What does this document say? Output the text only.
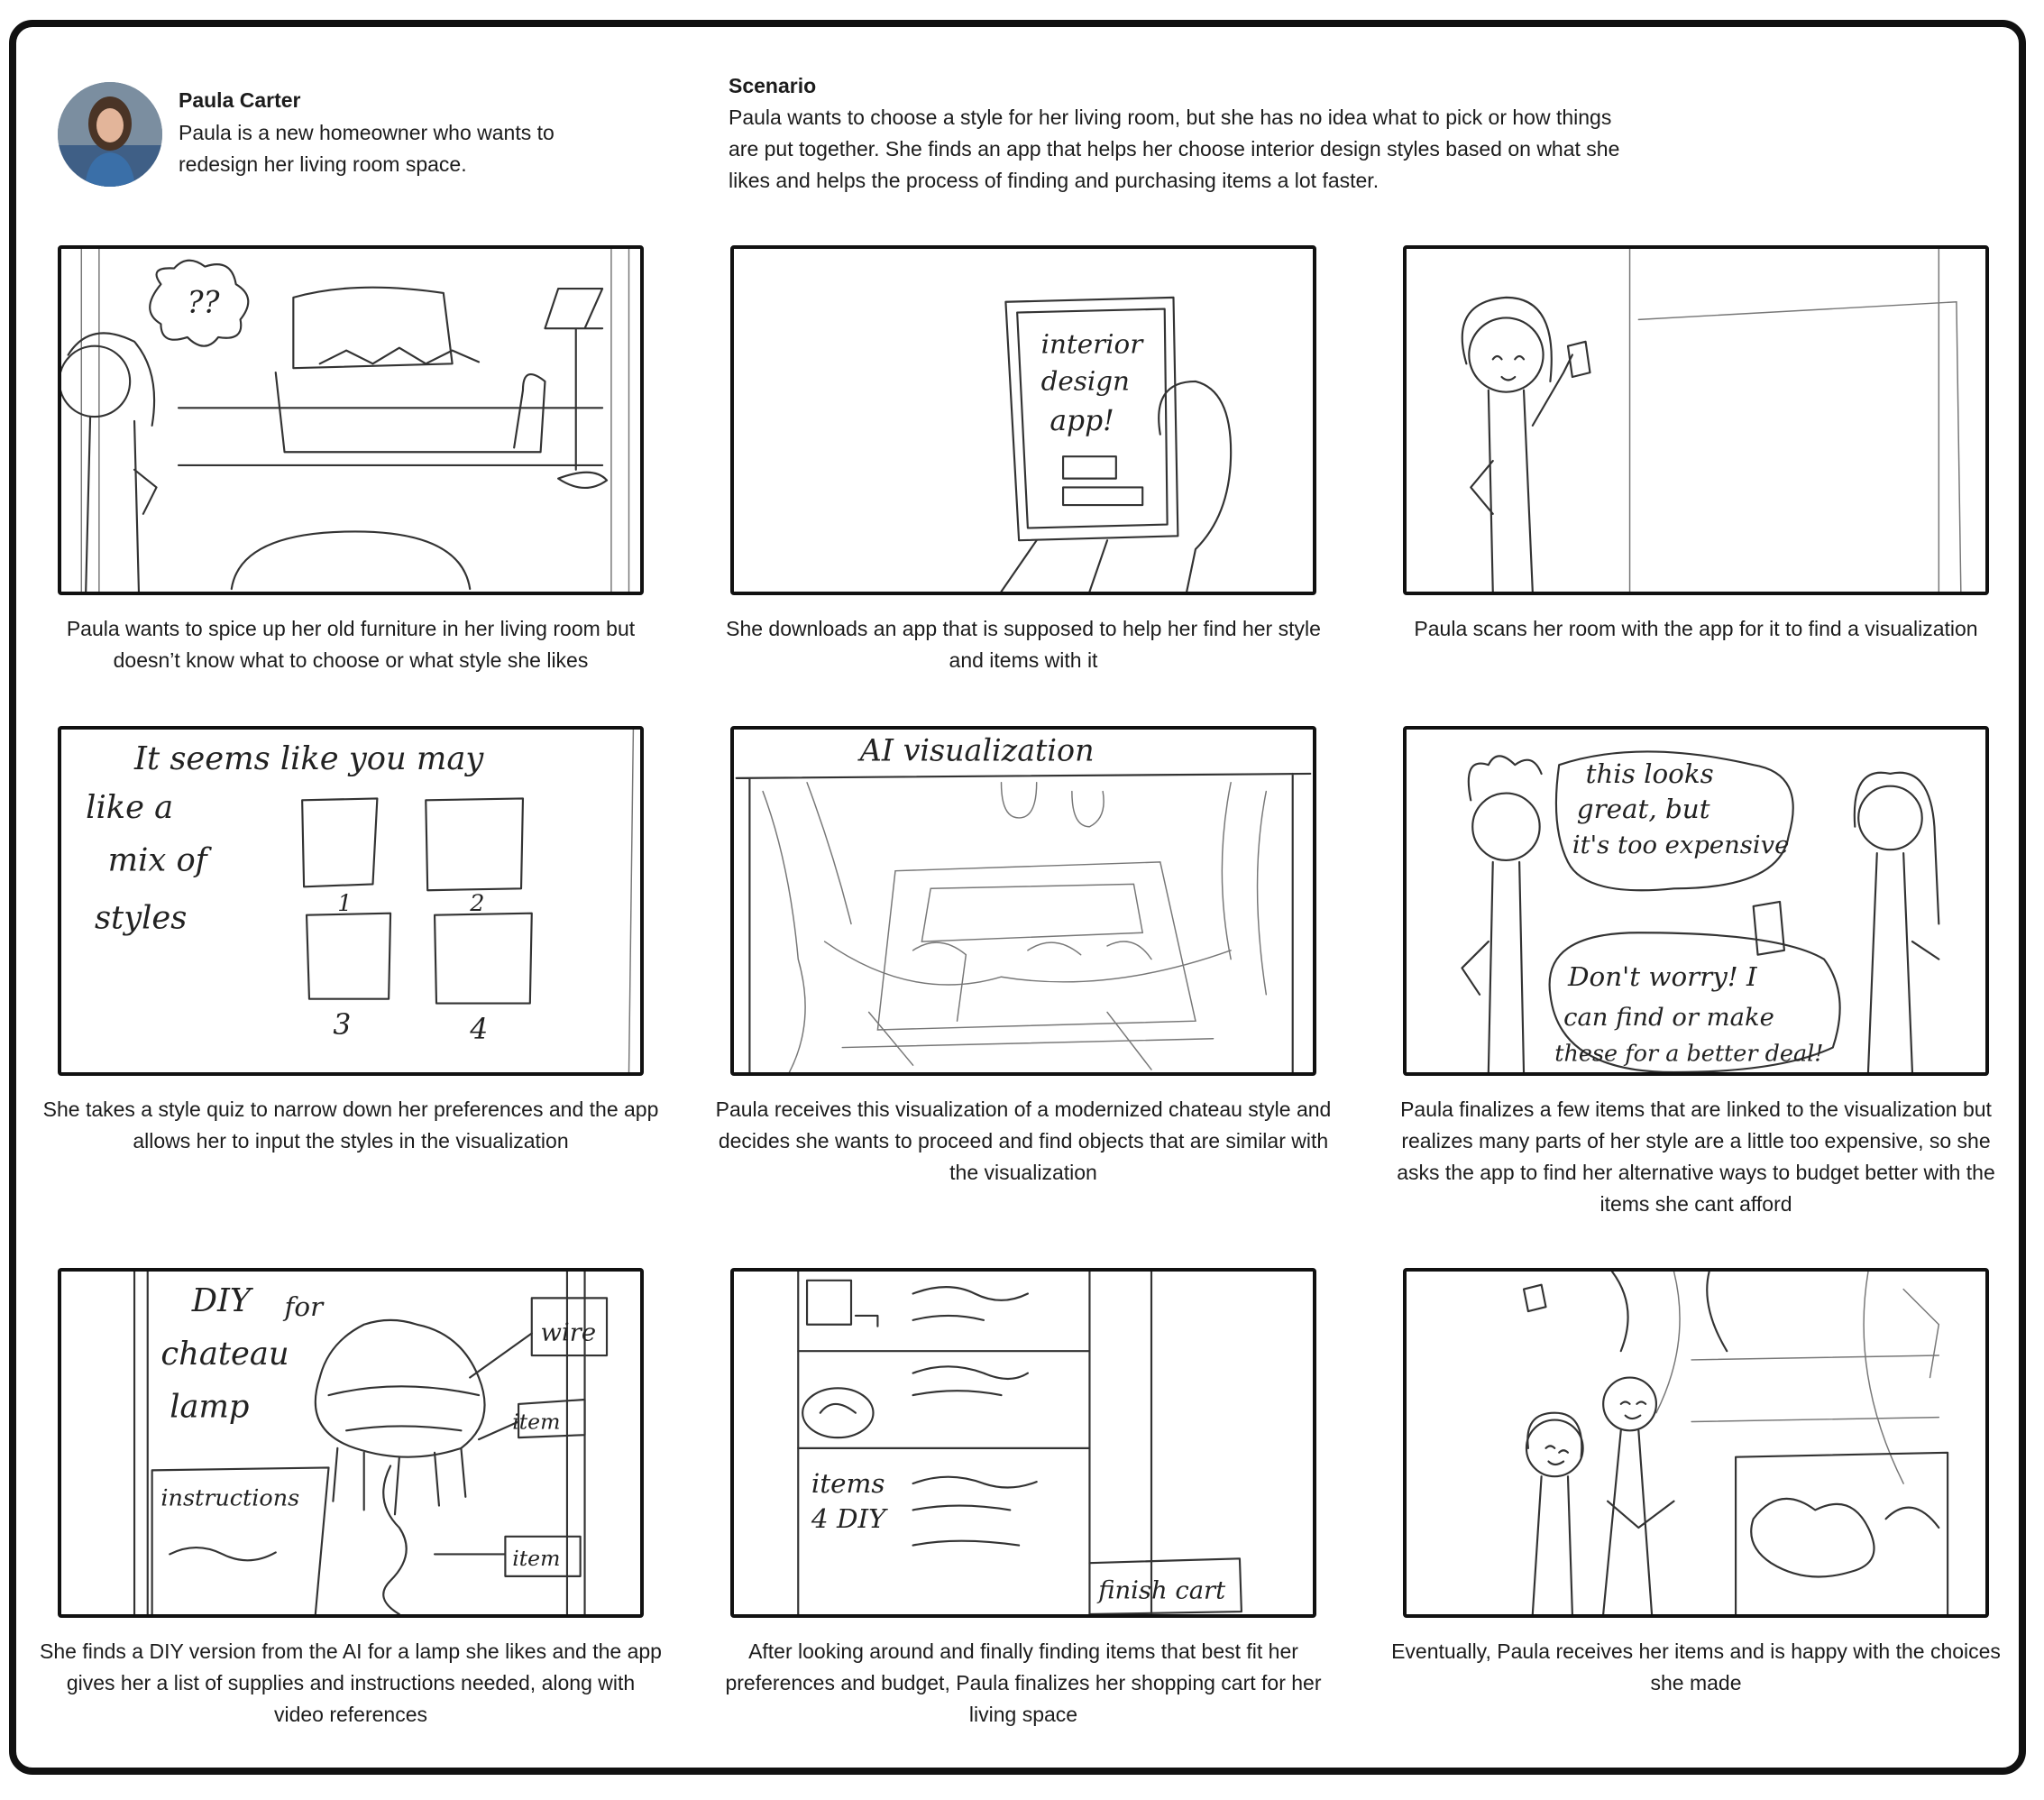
Paula Carter
Paula is a new homeowner who wants to redesign her living room space.
Scenario
Paula wants to choose a style for her living room, but she has no idea what to pick or how things are put together. She finds an app that helps her choose interior design styles based on what she likes and helps the process of finding and purchasing items a lot faster.
??
Paula wants to spice up her old furniture in her living room but doesn’t know what to choose or what style she likes
interior
design
app!
She downloads an app that is supposed to help her find her style and items with it
Paula scans her room with the app for it to find a visualization
It seems like you may
like a
mix of
styles	1	2
3	4
She takes a style quiz to narrow down her preferences and the app allows her to input the styles in the visualization
AI visualization
Paula receives this visualization of a modernized chateau style and decides she wants to proceed and find objects that are similar with the visualization
this looks
great, but
it's too expensive
Don't worry! I
can find or make
these for a better deal!
Paula finalizes a few items that are linked to the visualization but realizes many parts of her style are a little too expensive, so she asks the app to find her alternative ways to budget better with the items she cant afford
DIY for
chateau
lamp
instructions
wire
item
item
She finds a DIY version from the AI for a lamp she likes and the app gives her a list of supplies and instructions needed, along with video references
items
4 DIY
finish cart
After looking around and finally finding items that best fit her preferences and budget, Paula finalizes her shopping cart for her living space
Eventually, Paula receives her items and is happy with the choices she made
